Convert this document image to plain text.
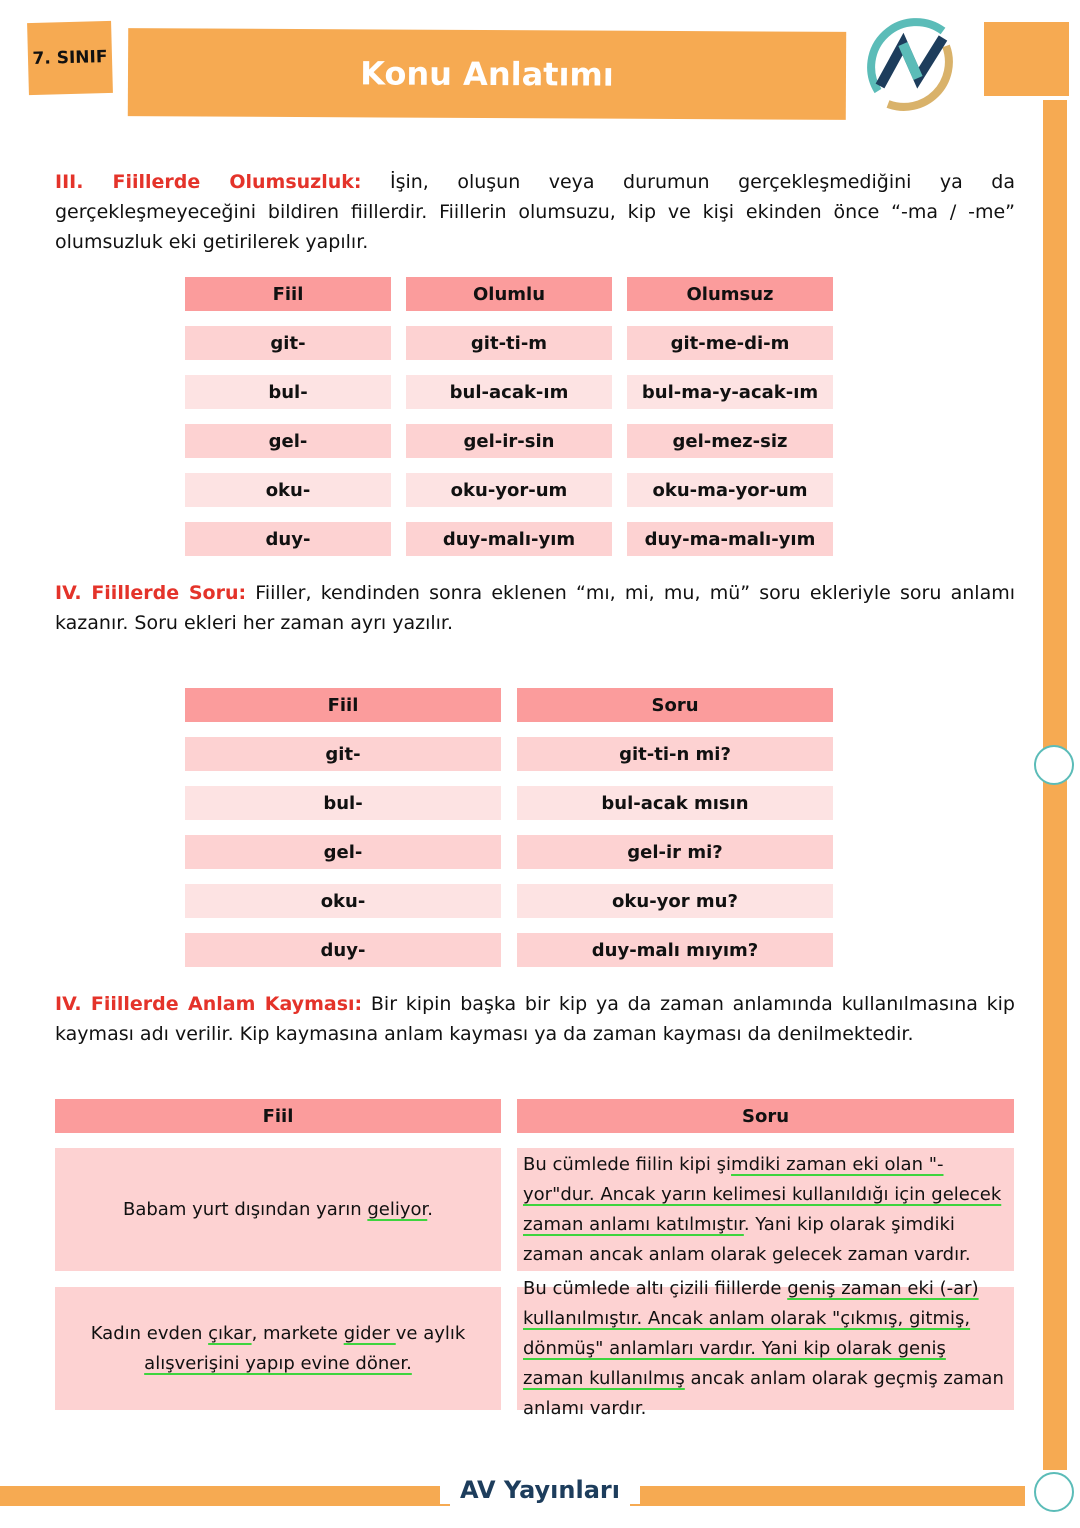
7. SINIF	Konu Anlatımı
III. Fiillerde Olumsuzluk: İşin, oluşun veya durumun gerçekleşmediğini ya da gerçekleşmeyeceğini bildiren fiillerdir. Fiillerin olumsuzu, kip ve kişi ekinden önce “-ma / -me” olumsuzluk eki getirilerek yapılır.
IV. Fiillerde Soru: Fiiller, kendinden sonra eklenen “mı, mi, mu, mü” soru ekleriyle soru anlamı kazanır. Soru ekleri her zaman ayrı yazılır.
IV. Fiillerde Anlam Kayması: Bir kipin başka bir kip ya da zaman anlamında kullanılmasına kip kayması adı verilir. Kip kaymasına anlam kayması ya da zaman kayması da denilmektedir.
AV Yayınları
Fiil
git-
bul-
gel-
oku-
duy-
Olumlu
git-ti-m
bul-acak-ım
gel-ir-sin
oku-yor-um
duy-malı-yım
Olumsuz
git-me-di-m
bul-ma-y-acak-ım
gel-mez-siz
oku-ma-yor-um
duy-ma-malı-yım
Fiil
git-
bul-
gel-
oku-
duy-
Soru
git-ti-n mi?
bul-acak mısın
gel-ir mi?
oku-yor mu?
duy-malı mıyım?
Fiil	Soru
Babam yurt dışından yarın geliyor.
Bu cümlede fiilin kipi şimdiki zaman eki olan "-yor"dur. Ancak yarın kelimesi kullanıldığı için gelecek zaman anlamı katılmıştır. Yani kip olarak şimdiki zaman ancak anlam olarak gelecek zaman vardır.
Kadın evden çıkar, markete gider ve aylık alışverişini yapıp evine döner.
Bu cümlede altı çizili fiillerde geniş zaman eki (-ar) kullanılmıştır. Ancak anlam olarak "çıkmış, gitmiş, dönmüş" anlamları vardır. Yani kip olarak geniş zaman kullanılmış ancak anlam olarak geçmiş zaman anlamı vardır.
